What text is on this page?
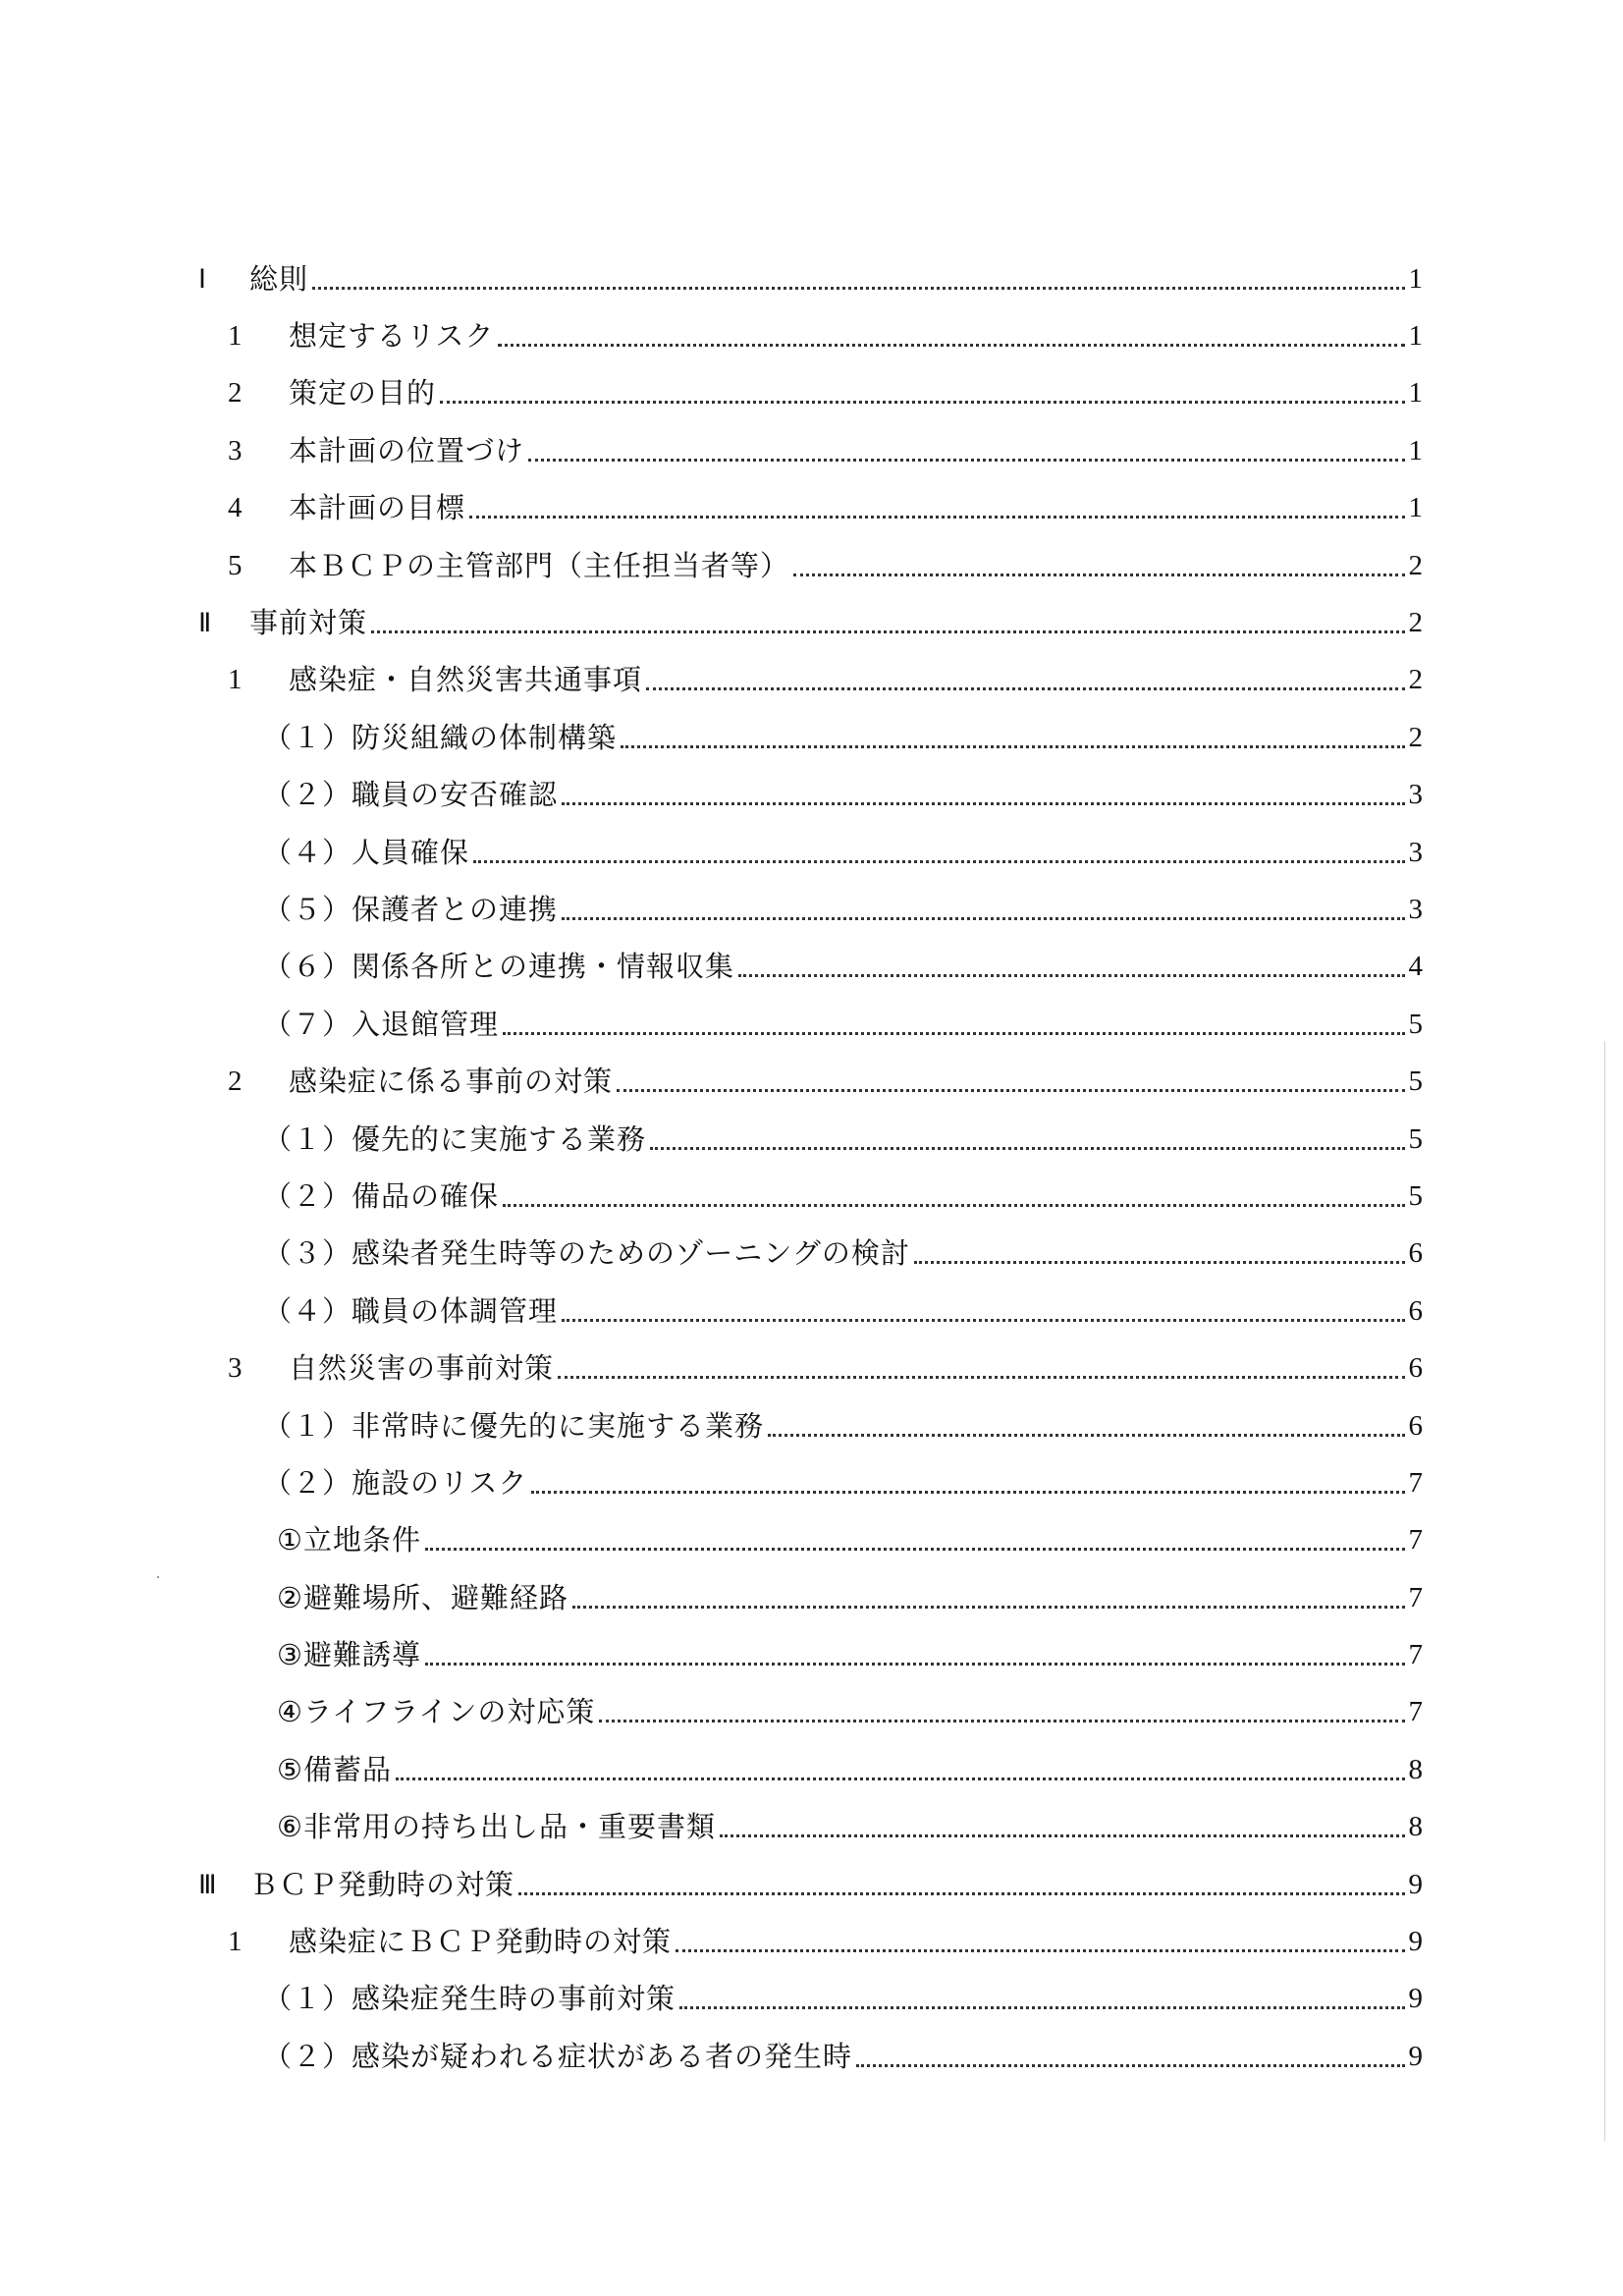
Ⅰ	総則	1
1	想定するリスク	1
2	策定の目的	1
3	本計画の位置づけ	1
4	本計画の目標	1
5	本ＢＣＰの主管部門（主任担当者等）	2
Ⅱ	事前対策	2
1	感染症・自然災害共通事項	2
（１）防災組織の体制構築	2
（２）職員の安否確認	3
（４）人員確保	3
（５）保護者との連携	3
（６）関係各所との連携・情報収集	4
（７）入退館管理	5
2	感染症に係る事前の対策	5
（１）優先的に実施する業務	5
（２）備品の確保	5
（３）感染者発生時等のためのゾーニングの検討	6
（４）職員の体調管理	6
3	自然災害の事前対策	6
（１）非常時に優先的に実施する業務	6
（２）施設のリスク	7
①立地条件	7
②避難場所、避難経路	7
③避難誘導	7
④ライフラインの対応策	7
⑤備蓄品	8
⑥非常用の持ち出し品・重要書類	8
Ⅲ	ＢＣＰ発動時の対策	9
1	感染症にＢＣＰ発動時の対策	9
（１）感染症発生時の事前対策	9
（２）感染が疑われる症状がある者の発生時	9
